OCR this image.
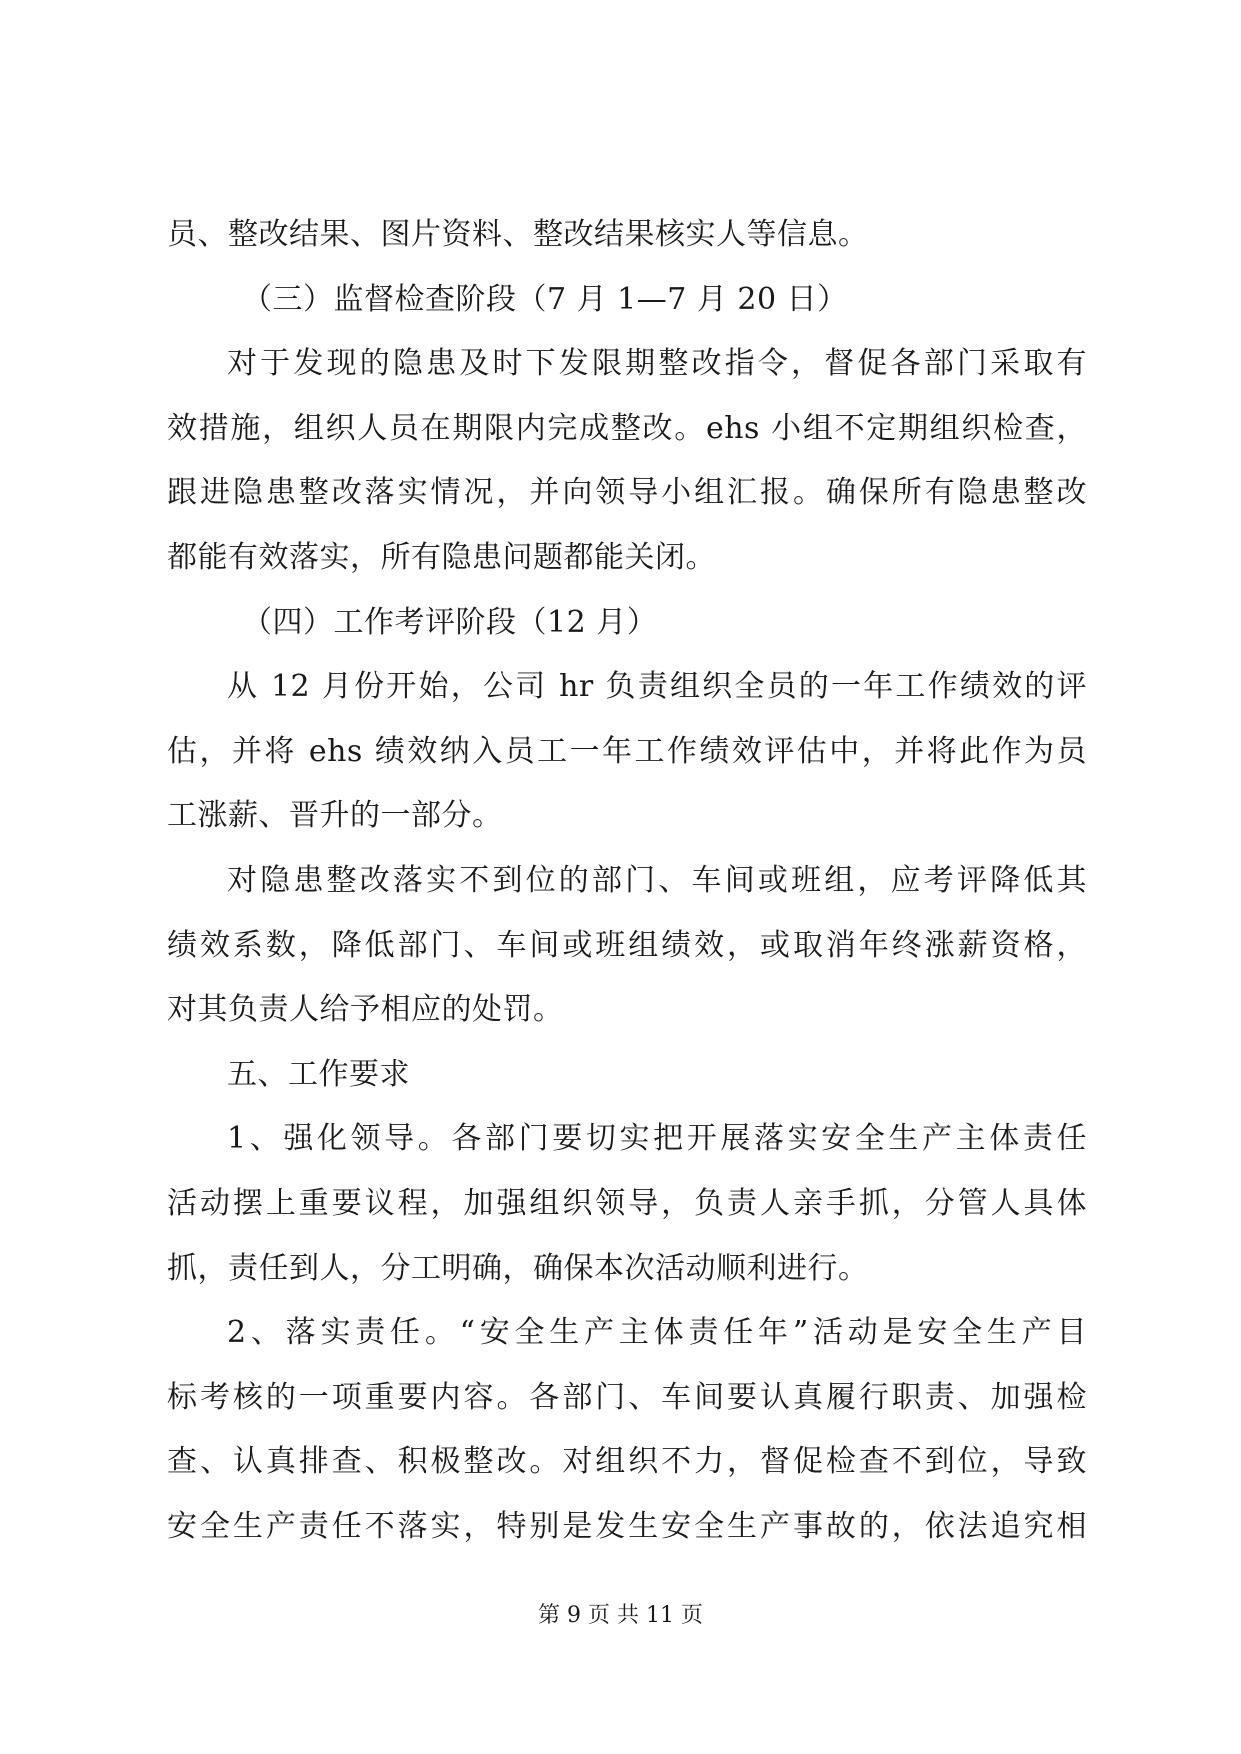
员、整改结果、图片资料、整改结果核实人等信息。
（三）监督检查阶段（7 月 1—7 月 20 日）
对于发现的隐患及时下发限期整改指令，督促各部门采取有
效措施，组织人员在期限内完成整改。ehs 小组不定期组织检查，
跟进隐患整改落实情况，并向领导小组汇报。确保所有隐患整改
都能有效落实，所有隐患问题都能关闭。
（四）工作考评阶段（12 月）
从 12 月份开始，公司 hr 负责组织全员的一年工作绩效的评
估，并将 ehs 绩效纳入员工一年工作绩效评估中，并将此作为员
工涨薪、晋升的一部分。
对隐患整改落实不到位的部门、车间或班组，应考评降低其
绩效系数，降低部门、车间或班组绩效，或取消年终涨薪资格，
对其负责人给予相应的处罚。
五、工作要求
1、强化领导。各部门要切实把开展落实安全生产主体责任
活动摆上重要议程，加强组织领导，负责人亲手抓，分管人具体
抓，责任到人，分工明确，确保本次活动顺利进行。
2、落实责任。“安全生产主体责任年”活动是安全生产目
标考核的一项重要内容。各部门、车间要认真履行职责、加强检
查、认真排查、积极整改。对组织不力，督促检查不到位，导致
安全生产责任不落实，特别是发生安全生产事故的，依法追究相
第 9 页 共 11 页
